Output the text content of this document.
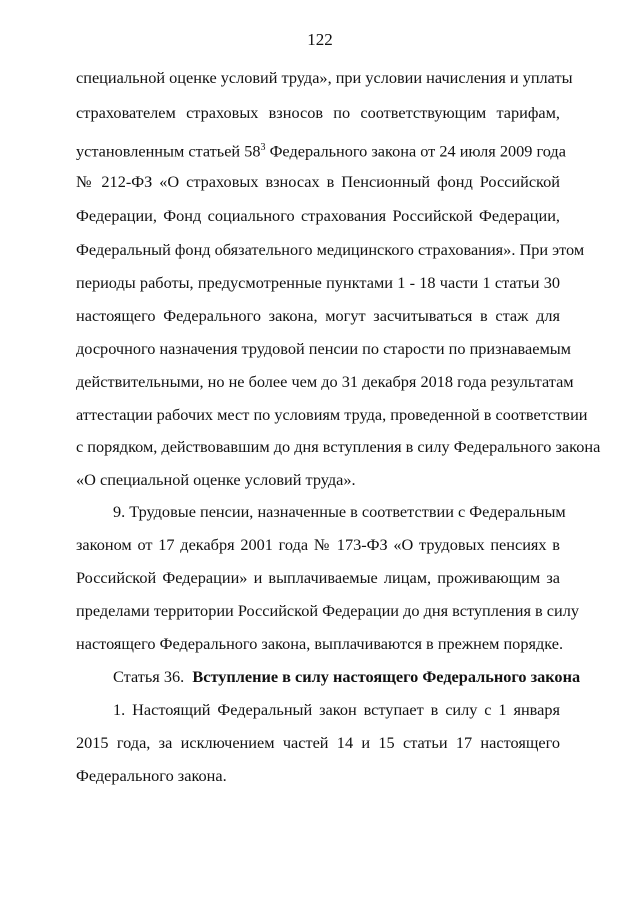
122
специальной оценке условий труда», при условии начисления и уплаты
страхователем страховых взносов по соответствующим тарифам,
установленным статьей $58^3$ Федерального закона от 24 июля 2009 года
№ 212-ФЗ «О страховых взносах в Пенсионный фонд Российской
Федерации, Фонд социального страхования Российской Федерации,
Федеральный фонд обязательного медицинского страхования». При этом
периоды работы, предусмотренные пунктами 1 - 18 части 1 статьи 30
настоящего Федерального закона, могут засчитываться в стаж для
досрочного назначения трудовой пенсии по старости по признаваемым
действительными, но не более чем до 31 декабря 2018 года результатам
аттестации рабочих мест по условиям труда, проведенной в соответствии
с порядком, действовавшим до дня вступления в силу Федерального закона
«О специальной оценке условий труда».
9. Трудовые пенсии, назначенные в соответствии с Федеральным
законом от 17 декабря 2001 года № 173-ФЗ «О трудовых пенсиях в
Российской Федерации» и выплачиваемые лицам, проживающим за
пределами территории Российской Федерации до дня вступления в силу
настоящего Федерального закона, выплачиваются в прежнем порядке.
Статья 36. Вступление в силу настоящего Федерального закона
1. Настоящий Федеральный закон вступает в силу с 1 января
2015 года, за исключением частей 14 и 15 статьи 17 настоящего
Федерального закона.
